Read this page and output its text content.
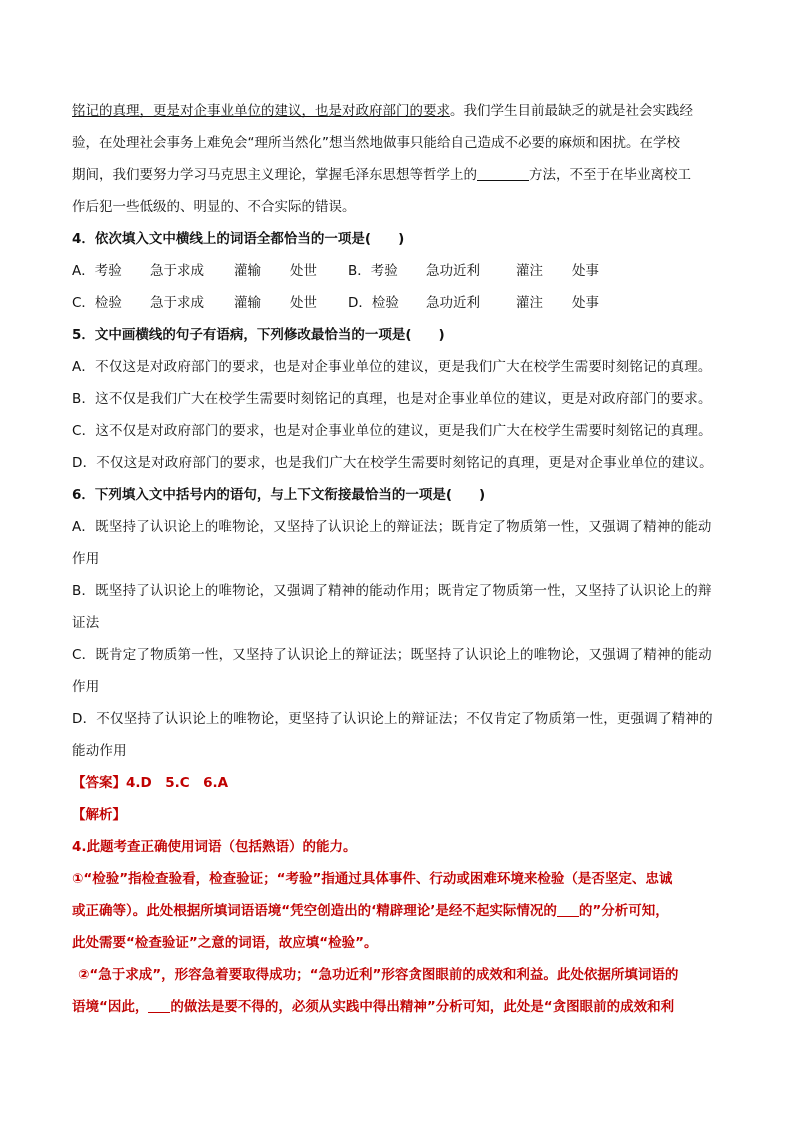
铭记的真理，更是对企事业单位的建议，也是对政府部门的要求。我们学生目前最缺乏的就是社会实践经
验，在处理社会事务上难免会“理所当然化”想当然地做事只能给自己造成不必要的麻烦和困扰。在学校
期间，我们要努力学习马克思主义理论，掌握毛泽东思想等哲学上的	方法，不至于在毕业离校工
作后犯一些低级的、明显的、不合实际的错误。
4．依次填入文中横线上的词语全都恰当的一项是(　　)
A．考验	急于求成	灌输	处世	B．考验	急功近利	灌注	处事
C．检验	急于求成	灌输	处世	D．检验	急功近利	灌注	处事
5．文中画横线的句子有语病，下列修改最恰当的一项是(　　)
A．不仅这是对政府部门的要求，也是对企事业单位的建议，更是我们广大在校学生需要时刻铭记的真理。
B．这不仅是我们广大在校学生需要时刻铭记的真理，也是对企事业单位的建议，更是对政府部门的要求。
C．这不仅是对政府部门的要求，也是对企事业单位的建议，更是我们广大在校学生需要时刻铭记的真理。
D．不仅这是对政府部门的要求，也是我们广大在校学生需要时刻铭记的真理，更是对企事业单位的建议。
6．下列填入文中括号内的语句，与上下文衔接最恰当的一项是(　　)
A．既坚持了认识论上的唯物论，又坚持了认识论上的辩证法；既肯定了物质第一性，又强调了精神的能动
作用
B．既坚持了认识论上的唯物论，又强调了精神的能动作用；既肯定了物质第一性，又坚持了认识论上的辩
证法
C．既肯定了物质第一性，又坚持了认识论上的辩证法；既坚持了认识论上的唯物论，又强调了精神的能动
作用
D．不仅坚持了认识论上的唯物论，更坚持了认识论上的辩证法；不仅肯定了物质第一性，更强调了精神的
能动作用
【答案】4.D　5.C　6.A
【解析】
4.此题考查正确使用词语（包括熟语）的能力。
①“检验”指检查验看，检查验证；“考验”指通过具体事件、行动或困难环境来检验（是否坚定、忠诚
或正确等）。此处根据所填词语语境“凭空创造出的‘精辟理论’是经不起实际情况的 的”分析可知，
此处需要“检查验证”之意的词语，故应填“检验”。
②“急于求成”，形容急着要取得成功；“急功近利”形容贪图眼前的成效和利益。此处依据所填词语的
语境“因此， 的做法是要不得的，必须从实践中得出精神”分析可知，此处是“贪图眼前的成效和利
